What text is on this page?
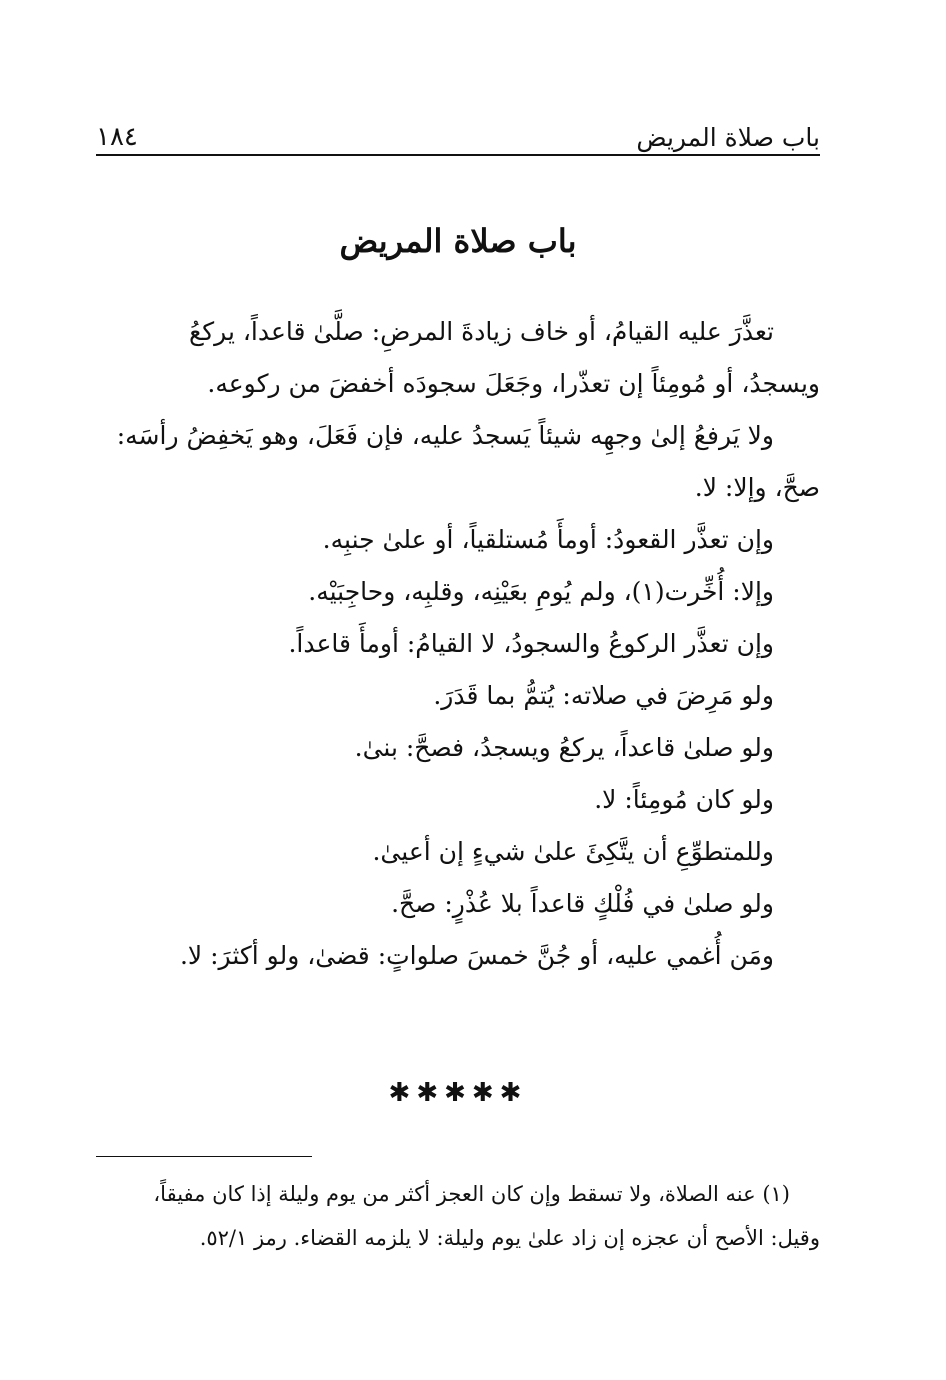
باب صلاة المريض
١٨٤
باب صلاة المريض

تعذَّرَ عليه القيامُ، أو خاف زيادةَ المرضِ: صلَّىٰ قاعداً، يركعُ
ويسجدُ، أو مُومِئاً إن تعذّرا، وجَعَلَ سجودَه أخفضَ من ركوعه.

ولا يَرفعُ إلىٰ وجهِه شيئاً يَسجدُ عليه، فإن فَعَلَ، وهو يَخفِضُ رأسَه:
صحَّ، وإلا: لا.

وإن تعذَّر القعودُ: أومأَ مُستلقياً، أو علىٰ جنبِه.

وإلا: أُخِّرت(١)، ولم يُومِ بعَيْنِه، وقلبِه، وحاجِبَيْه.

وإن تعذَّر الركوعُ والسجودُ، لا القيامُ: أومأَ قاعداً.

ولو مَرِضَ في صلاته: يُتمُّ بما قَدَرَ.

ولو صلىٰ قاعداً، يركعُ ويسجدُ، فصحَّ: بنىٰ.

ولو كان مُومِئاً: لا.

وللمتطوِّعِ أن يتَّكِئَ علىٰ شيءٍ إن أعيىٰ.

ولو صلىٰ في فُلْكٍ قاعداً بلا عُذْرٍ: صحَّ.

ومَن أُغمي عليه، أو جُنَّ خمسَ صلواتٍ: قضىٰ، ولو أكثرَ: لا.

✱✱✱✱✱

(١) عنه الصلاة، ولا تسقط وإن كان العجز أكثر من يوم وليلة إذا كان مفيقاً،

وقيل: الأصح أن عجزه إن زاد علىٰ يوم وليلة: لا يلزمه القضاء. رمز ٥٢/١.
